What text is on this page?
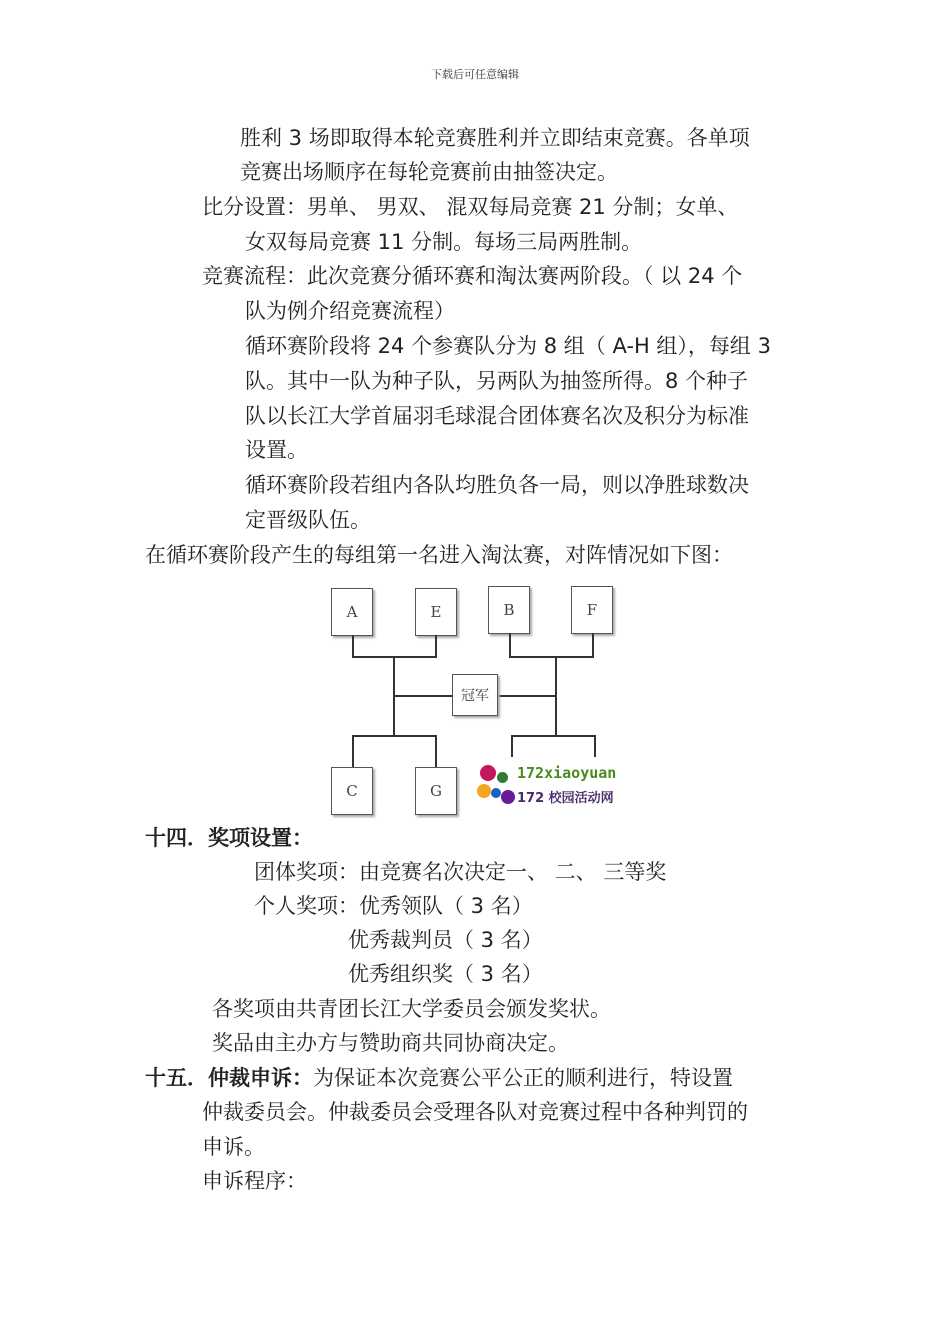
下载后可任意编辑
胜利 3 场即取得本轮竞赛胜利并立即结束竞赛。各单项
竞赛出场顺序在每轮竞赛前由抽签决定。
比分设置：男单、 男双、 混双每局竞赛 21 分制；女单、
女双每局竞赛 11 分制。每场三局两胜制。
竞赛流程：此次竞赛分循环赛和淘汰赛两阶段。（ 以 24 个
队为例介绍竞赛流程）
循环赛阶段将 24 个参赛队分为 8 组（ A-H 组），每组 3
队。其中一队为种子队，另两队为抽签所得。8 个种子
队以长江大学首届羽毛球混合团体赛名次及积分为标准
设置。
循环赛阶段若组内各队均胜负各一局，则以净胜球数决
定晋级队伍。
在循环赛阶段产生的每组第一名进入淘汰赛，对阵情况如下图：
A	E	B	F
冠军
C	G
172xiaoyuan
172 校园活动网
十四．奖项设置：
团体奖项：由竞赛名次决定一、 二、 三等奖
个人奖项：优秀领队（ 3 名）
优秀裁判员（ 3 名）
优秀组织奖（ 3 名）
各奖项由共青团长江大学委员会颁发奖状。
奖品由主办方与赞助商共同协商决定。
十五．仲裁申诉：为保证本次竞赛公平公正的顺利进行，特设置
仲裁委员会。仲裁委员会受理各队对竞赛过程中各种判罚的
申诉。
申诉程序：
